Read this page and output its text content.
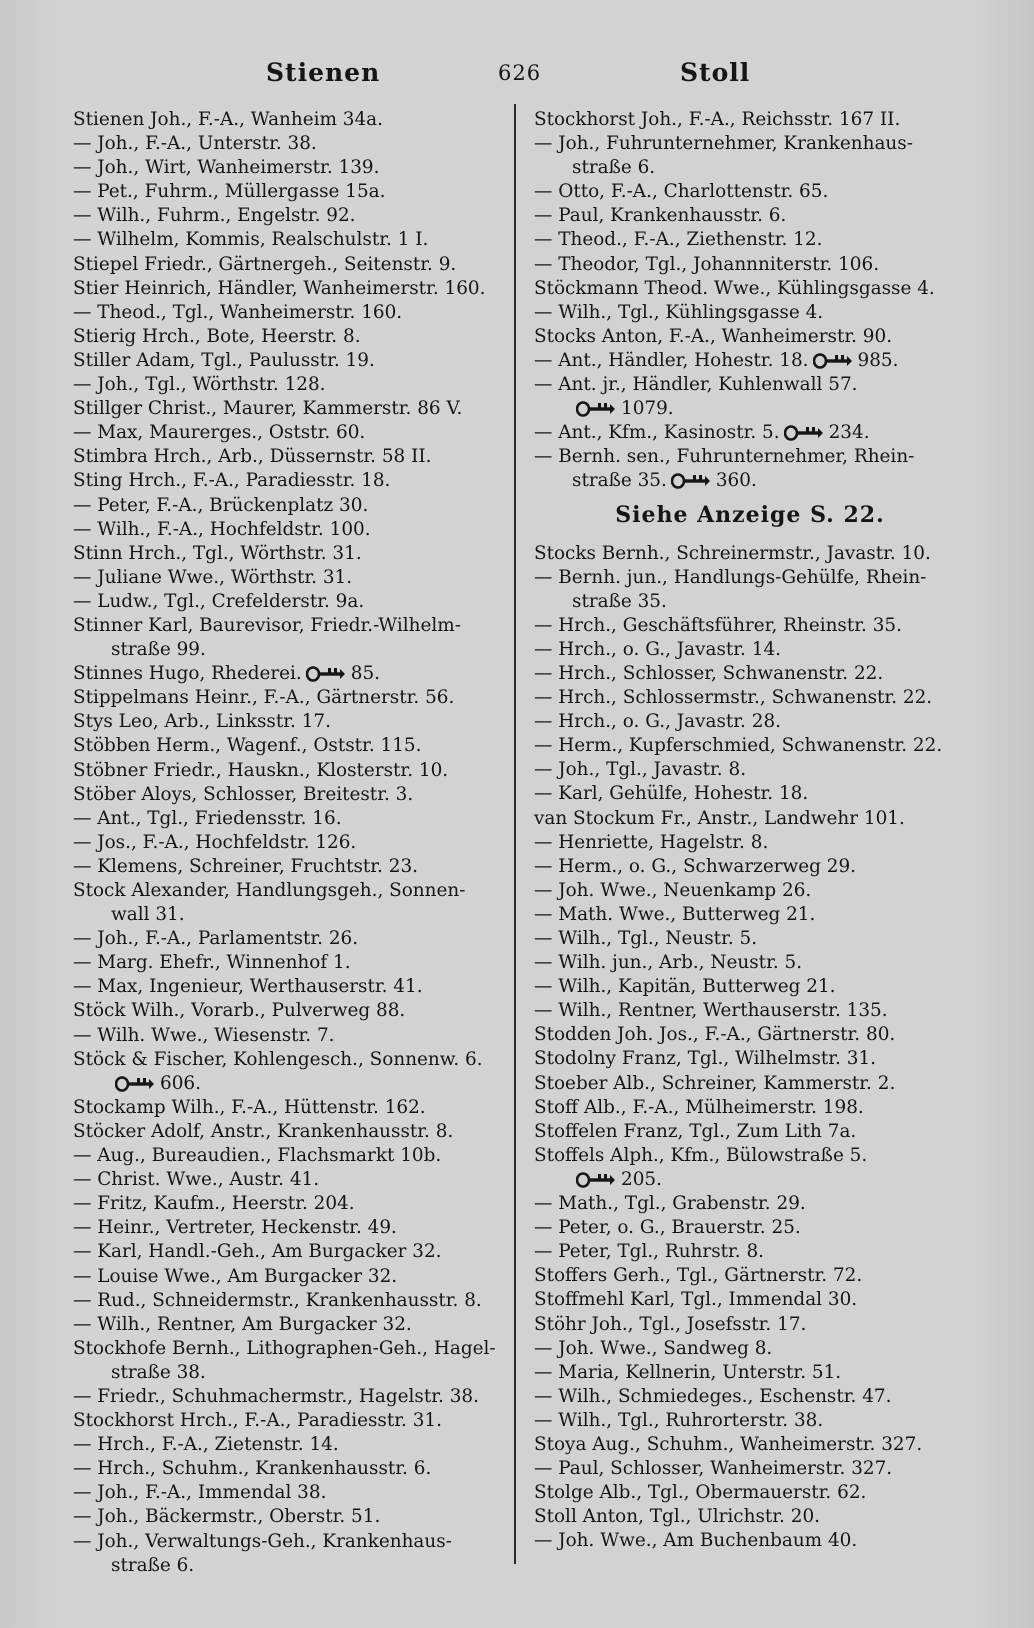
Stienen	626	Stoll
Stienen Joh., F.-A., Wanheim 34a.
— Joh., F.-A., Unterstr. 38.
— Joh., Wirt, Wanheimerstr. 139.
— Pet., Fuhrm., Müllergasse 15a.
— Wilh., Fuhrm., Engelstr. 92.
— Wilhelm, Kommis, Realschulstr. 1 I.
Stiepel Friedr., Gärtnergeh., Seitenstr. 9.
Stier Heinrich, Händler, Wanheimerstr. 160.
— Theod., Tgl., Wanheimerstr. 160.
Stierig Hrch., Bote, Heerstr. 8.
Stiller Adam, Tgl., Paulusstr. 19.
— Joh., Tgl., Wörthstr. 128.
Stillger Christ., Maurer, Kammerstr. 86 V.
— Max, Maurerges., Oststr. 60.
Stimbra Hrch., Arb., Düssernstr. 58 II.
Sting Hrch., F.-A., Paradiesstr. 18.
— Peter, F.-A., Brückenplatz 30.
— Wilh., F.-A., Hochfeldstr. 100.
Stinn Hrch., Tgl., Wörthstr. 31.
— Juliane Wwe., Wörthstr. 31.
— Ludw., Tgl., Crefelderstr. 9a.
Stinner Karl, Baurevisor, Friedr.-Wilhelm-
straße 99.
Stinnes Hugo, Rhederei.	85.
Stippelmans Heinr., F.-A., Gärtnerstr. 56.
Stys Leo, Arb., Linksstr. 17.
Stöbben Herm., Wagenf., Oststr. 115.
Stöbner Friedr., Hauskn., Klosterstr. 10.
Stöber Aloys, Schlosser, Breitestr. 3.
— Ant., Tgl., Friedensstr. 16.
— Jos., F.-A., Hochfeldstr. 126.
— Klemens, Schreiner, Fruchtstr. 23.
Stock Alexander, Handlungsgeh., Sonnen-
wall 31.
— Joh., F.-A., Parlamentstr. 26.
— Marg. Ehefr., Winnenhof 1.
— Max, Ingenieur, Werthauserstr. 41.
Stöck Wilh., Vorarb., Pulverweg 88.
— Wilh. Wwe., Wiesenstr. 7.
Stöck & Fischer, Kohlengesch., Sonnenw. 6.
606.
Stockamp Wilh., F.-A., Hüttenstr. 162.
Stöcker Adolf, Anstr., Krankenhausstr. 8.
— Aug., Bureaudien., Flachsmarkt 10b.
— Christ. Wwe., Austr. 41.
— Fritz, Kaufm., Heerstr. 204.
— Heinr., Vertreter, Heckenstr. 49.
— Karl, Handl.-Geh., Am Burgacker 32.
— Louise Wwe., Am Burgacker 32.
— Rud., Schneidermstr., Krankenhausstr. 8.
— Wilh., Rentner, Am Burgacker 32.
Stockhofe Bernh., Lithographen-Geh., Hagel-
straße 38.
— Friedr., Schuhmachermstr., Hagelstr. 38.
Stockhorst Hrch., F.-A., Paradiesstr. 31.
— Hrch., F.-A., Zietenstr. 14.
— Hrch., Schuhm., Krankenhausstr. 6.
— Joh., F.-A., Immendal 38.
— Joh., Bäckermstr., Oberstr. 51.
— Joh., Verwaltungs-Geh., Krankenhaus-
straße 6.
Stockhorst Joh., F.-A., Reichsstr. 167 II.
— Joh., Fuhrunternehmer, Krankenhaus-
straße 6.
— Otto, F.-A., Charlottenstr. 65.
— Paul, Krankenhausstr. 6.
— Theod., F.-A., Ziethenstr. 12.
— Theodor, Tgl., Johannniterstr. 106.
Stöckmann Theod. Wwe., Kühlingsgasse 4.
— Wilh., Tgl., Kühlingsgasse 4.
Stocks Anton, F.-A., Wanheimerstr. 90.
— Ant., Händler, Hohestr. 18.	985.
— Ant. jr., Händler, Kuhlenwall 57.
1079.
— Ant., Kfm., Kasinostr. 5.	234.
— Bernh. sen., Fuhrunternehmer, Rhein-
straße 35.	360.
Siehe Anzeige S. 22.
Stocks Bernh., Schreinermstr., Javastr. 10.
— Bernh. jun., Handlungs-Gehülfe, Rhein-
straße 35.
— Hrch., Geschäftsführer, Rheinstr. 35.
— Hrch., o. G., Javastr. 14.
— Hrch., Schlosser, Schwanenstr. 22.
— Hrch., Schlossermstr., Schwanenstr. 22.
— Hrch., o. G., Javastr. 28.
— Herm., Kupferschmied, Schwanenstr. 22.
— Joh., Tgl., Javastr. 8.
— Karl, Gehülfe, Hohestr. 18.
van Stockum Fr., Anstr., Landwehr 101.
— Henriette, Hagelstr. 8.
— Herm., o. G., Schwarzerweg 29.
— Joh. Wwe., Neuenkamp 26.
— Math. Wwe., Butterweg 21.
— Wilh., Tgl., Neustr. 5.
— Wilh. jun., Arb., Neustr. 5.
— Wilh., Kapitän, Butterweg 21.
— Wilh., Rentner, Werthauserstr. 135.
Stodden Joh. Jos., F.-A., Gärtnerstr. 80.
Stodolny Franz, Tgl., Wilhelmstr. 31.
Stoeber Alb., Schreiner, Kammerstr. 2.
Stoff Alb., F.-A., Mülheimerstr. 198.
Stoffelen Franz, Tgl., Zum Lith 7a.
Stoffels Alph., Kfm., Bülowstraße 5.
205.
— Math., Tgl., Grabenstr. 29.
— Peter, o. G., Brauerstr. 25.
— Peter, Tgl., Ruhrstr. 8.
Stoffers Gerh., Tgl., Gärtnerstr. 72.
Stoffmehl Karl, Tgl., Immendal 30.
Stöhr Joh., Tgl., Josefsstr. 17.
— Joh. Wwe., Sandweg 8.
— Maria, Kellnerin, Unterstr. 51.
— Wilh., Schmiedeges., Eschenstr. 47.
— Wilh., Tgl., Ruhrorterstr. 38.
Stoya Aug., Schuhm., Wanheimerstr. 327.
— Paul, Schlosser, Wanheimerstr. 327.
Stolge Alb., Tgl., Obermauerstr. 62.
Stoll Anton, Tgl., Ulrichstr. 20.
— Joh. Wwe., Am Buchenbaum 40.
